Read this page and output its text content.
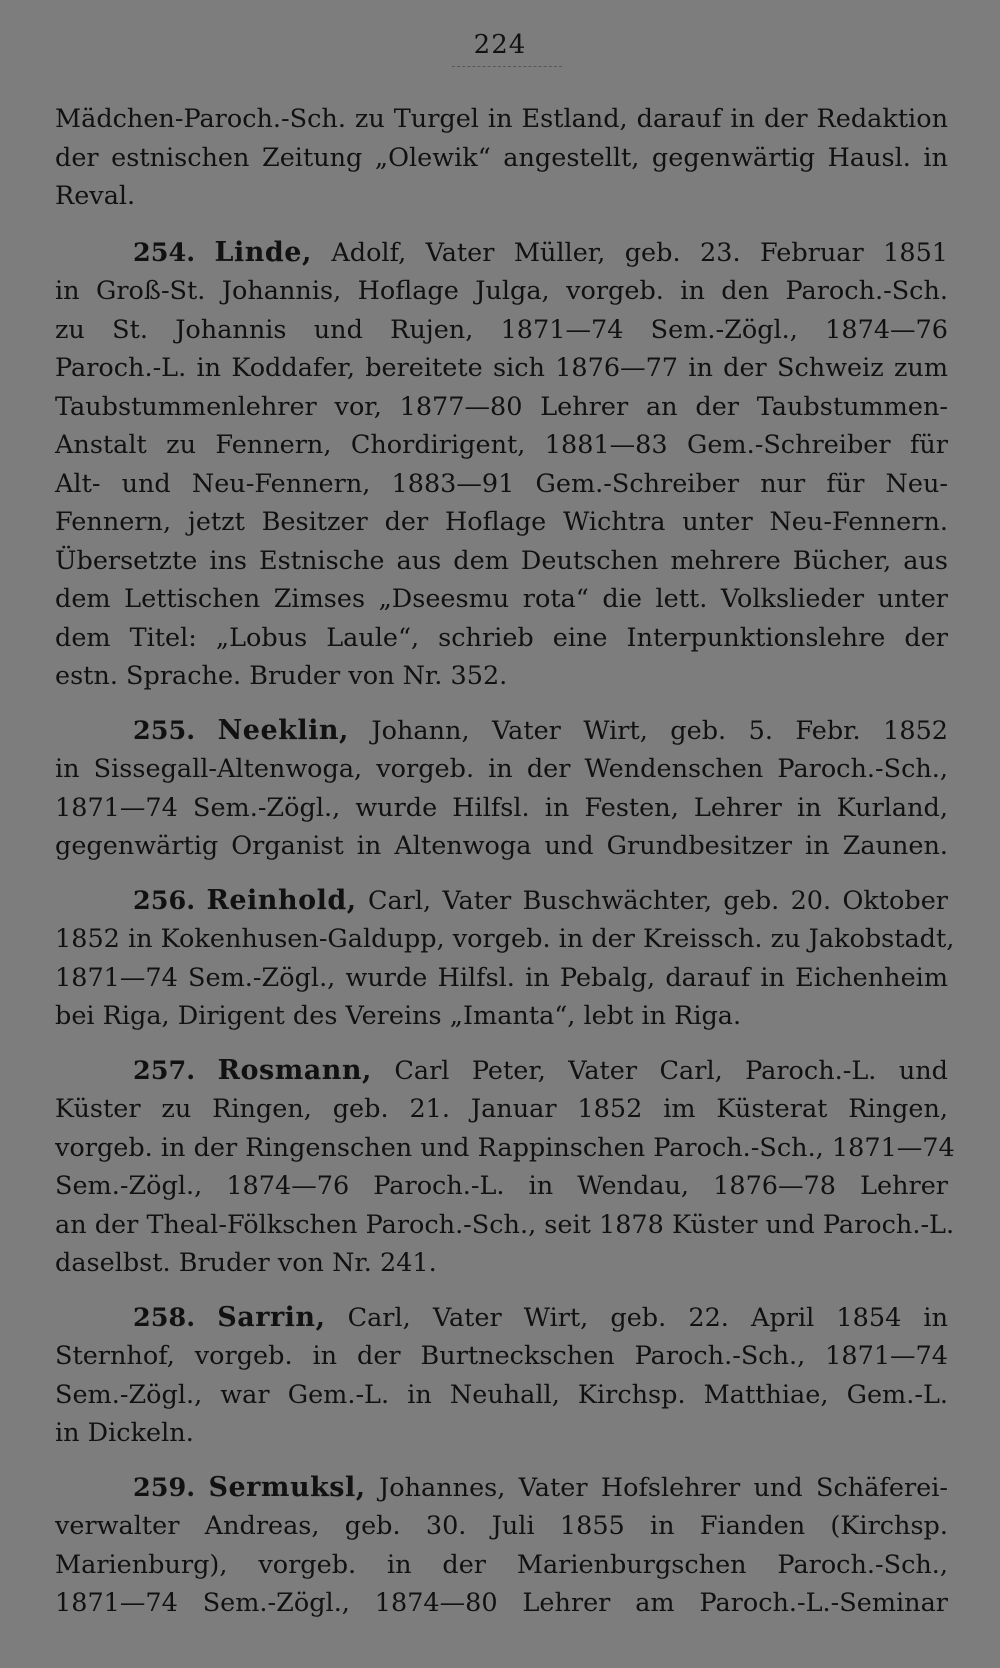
224
Mädchen-Paroch.-Sch. zu Turgel in Estland, darauf in der Redaktion
der estnischen Zeitung „Olewik“ angestellt, gegenwärtig Hausl. in
Reval.
254. Linde, Adolf, Vater Müller, geb. 23. Februar 1851
in Groß-St. Johannis, Hoflage Julga, vorgeb. in den Paroch.-Sch.
zu St. Johannis und Rujen, 1871—74 Sem.-Zögl., 1874—76
Paroch.-L. in Koddafer, bereitete sich 1876—77 in der Schweiz zum
Taubstummenlehrer vor, 1877—80 Lehrer an der Taubstummen-
Anstalt zu Fennern, Chordirigent, 1881—83 Gem.-Schreiber für
Alt- und Neu-Fennern, 1883—91 Gem.-Schreiber nur für Neu-
Fennern, jetzt Besitzer der Hoflage Wichtra unter Neu-Fennern.
Übersetzte ins Estnische aus dem Deutschen mehrere Bücher, aus
dem Lettischen Zimses „Dseesmu rota“ die lett. Volkslieder unter
dem Titel: „Lobus Laule“, schrieb eine Interpunktionslehre der
estn. Sprache. Bruder von Nr. 352.
255. Neeklin, Johann, Vater Wirt, geb. 5. Febr. 1852
in Sissegall-Altenwoga, vorgeb. in der Wendenschen Paroch.-Sch.,
1871—74 Sem.-Zögl., wurde Hilfsl. in Festen, Lehrer in Kurland,
gegenwärtig Organist in Altenwoga und Grundbesitzer in Zaunen.
256. Reinhold, Carl, Vater Buschwächter, geb. 20. Oktober
1852 in Kokenhusen-Galdupp, vorgeb. in der Kreissch. zu Jakobstadt,
1871—74 Sem.-Zögl., wurde Hilfsl. in Pebalg, darauf in Eichenheim
bei Riga, Dirigent des Vereins „Imanta“, lebt in Riga.
257. Rosmann, Carl Peter, Vater Carl, Paroch.-L. und
Küster zu Ringen, geb. 21. Januar 1852 im Küsterat Ringen,
vorgeb. in der Ringenschen und Rappinschen Paroch.-Sch., 1871—74
Sem.-Zögl., 1874—76 Paroch.-L. in Wendau, 1876—78 Lehrer
an der Theal-Fölkschen Paroch.-Sch., seit 1878 Küster und Paroch.-L.
daselbst. Bruder von Nr. 241.
258. Sarrin, Carl, Vater Wirt, geb. 22. April 1854 in
Sternhof, vorgeb. in der Burtneckschen Paroch.-Sch., 1871—74
Sem.-Zögl., war Gem.-L. in Neuhall, Kirchsp. Matthiae, Gem.-L.
in Dickeln.
259. Sermuksl, Johannes, Vater Hofslehrer und Schäferei-
verwalter Andreas, geb. 30. Juli 1855 in Fianden (Kirchsp.
Marienburg), vorgeb. in der Marienburgschen Paroch.-Sch.,
1871—74 Sem.-Zögl., 1874—80 Lehrer am Paroch.-L.-Seminar
